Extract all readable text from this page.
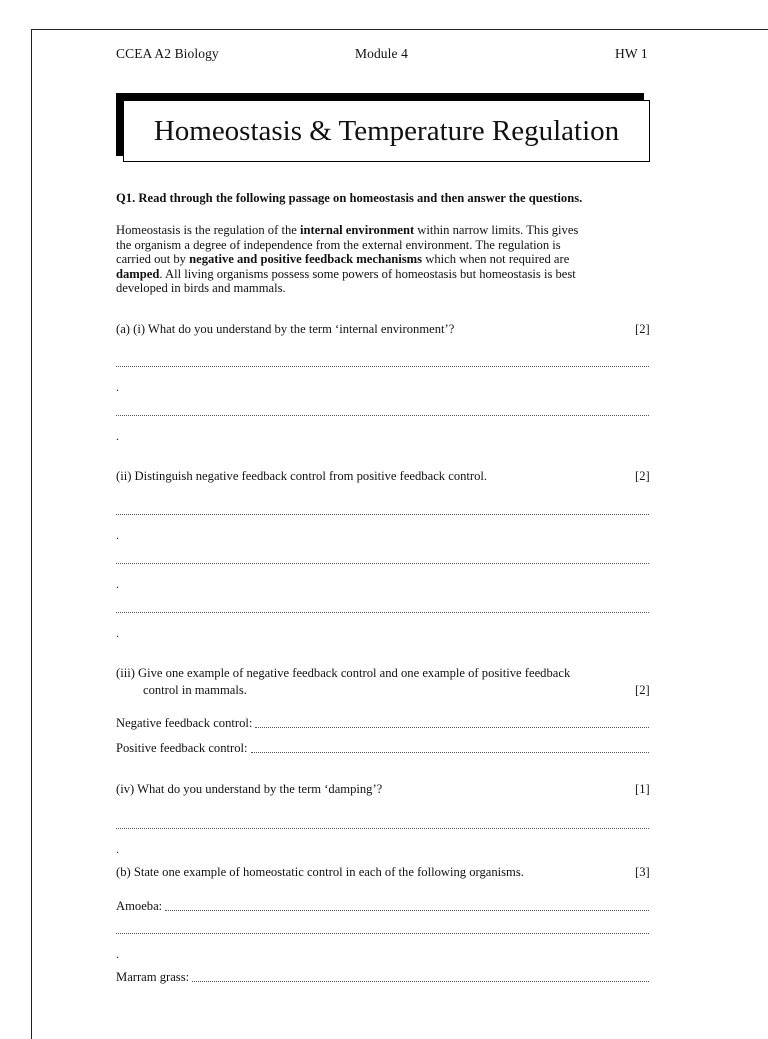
CCEA A2 Biology	Module 4	HW 1
Homeostasis & Temperature Regulation
Q1. Read through the following passage on homeostasis and then answer the questions.

Homeostasis is the regulation of the internal environment within narrow limits. This gives

the organism a degree of independence from the external environment. The regulation is

carried out by negative and positive feedback mechanisms which when not required are

damped. All living organisms possess some powers of homeostasis but homeostasis is best

developed in birds and mammals.

(a) (i) What do you understand by the term ‘internal environment’?	[2]
.
.
(ii) Distinguish negative feedback control from positive feedback control.	[2]
.
.
.
(iii) Give one example of negative feedback control and one example of positive feedback
control in mammals.	[2]
Negative feedback control:
Positive feedback control:
(iv) What do you understand by the term ‘damping’?	[1]
.
(b) State one example of homeostatic control in each of the following organisms.	[3]
Amoeba:
.
Marram grass:
